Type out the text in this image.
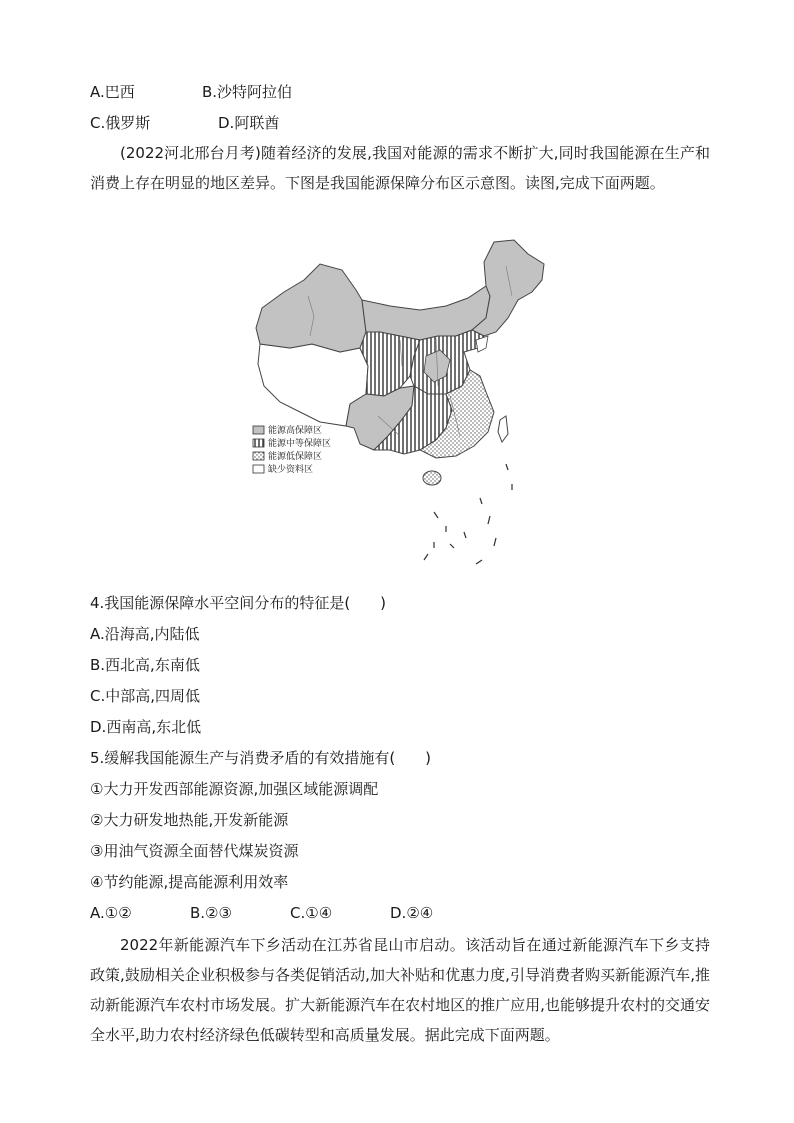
A.巴西	B.沙特阿拉伯
C.俄罗斯	D.阿联酋
(2022河北邢台月考)随着经济的发展,我国对能源的需求不断扩大,同时我国能源在生产和消费上存在明显的地区差异。下图是我国能源保障分布区示意图。读图,完成下面两题。
能源高保障区
能源中等保障区
能源低保障区
缺少资料区
4.我国能源保障水平空间分布的特征是(　　)
A.沿海高,内陆低
B.西北高,东南低
C.中部高,四周低
D.西南高,东北低
5.缓解我国能源生产与消费矛盾的有效措施有(　　)
①大力开发西部能源资源,加强区域能源调配
②大力研发地热能,开发新能源
③用油气资源全面替代煤炭资源
④节约能源,提高能源利用效率
A.①②	B.②③	C.①④	D.②④
2022年新能源汽车下乡活动在江苏省昆山市启动。该活动旨在通过新能源汽车下乡支持政策,鼓励相关企业积极参与各类促销活动,加大补贴和优惠力度,引导消费者购买新能源汽车,推动新能源汽车农村市场发展。扩大新能源汽车在农村地区的推广应用,也能够提升农村的交通安全水平,助力农村经济绿色低碳转型和高质量发展。据此完成下面两题。
